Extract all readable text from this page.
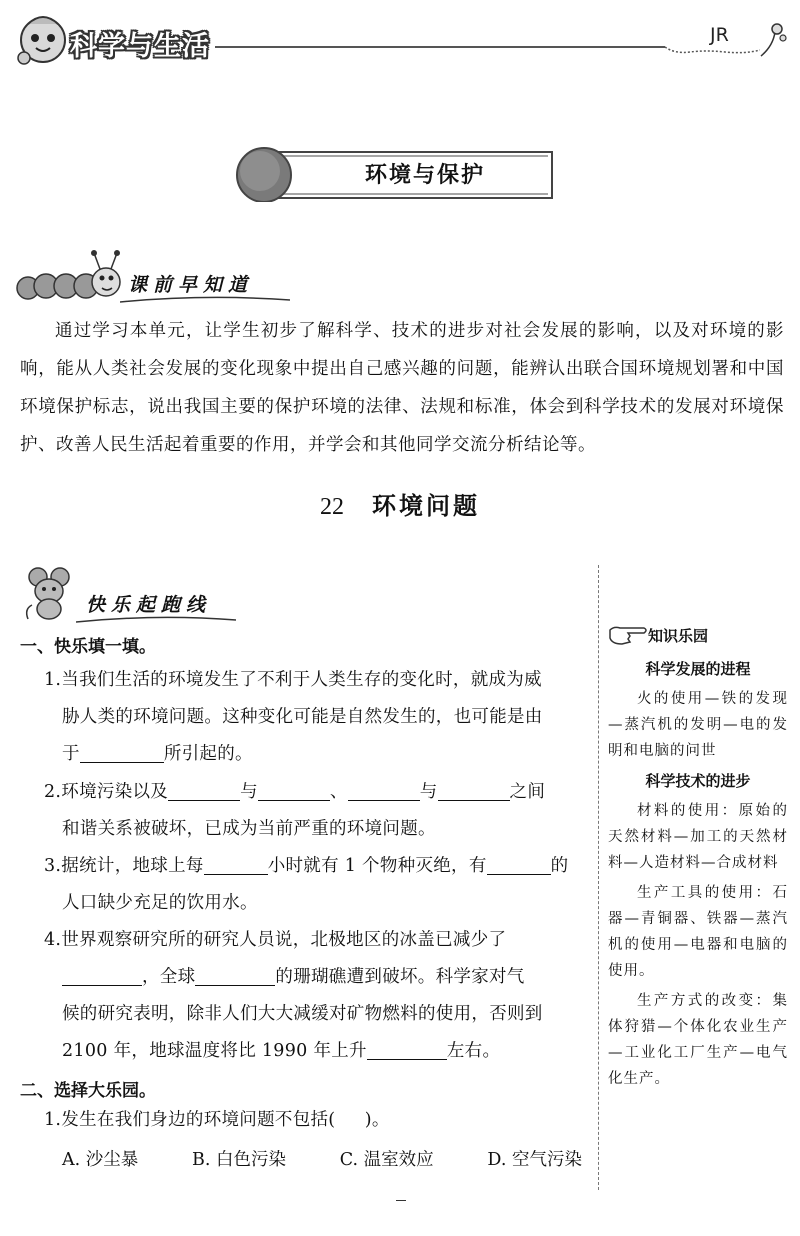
科学与生活	JR
环境与保护
课前早知道

通过学习本单元，让学生初步了解科学、技术的进步对社会发展的影响，以及对环境的影响，能从人类社会发展的变化现象中提出自己感兴趣的问题，能辨认出联合国环境规划署和中国环境保护标志，说出我国主要的保护环境的法律、法规和标准，体会到科学技术的发展对环境保护、改善人民生活起着重要的作用，并学会和其他同学交流分析结论等。

22 环境问题
快乐起跑线
一、快乐填一填。
1.当我们生活的环境发生了不利于人类生存的变化时，就成为威
胁人类的环境问题。这种变化可能是自然发生的，也可能是由
于	所引起的。
2.环境污染以及	与	、	与	之间
和谐关系被破坏，已成为当前严重的环境问题。
3.据统计，地球上每	小时就有 1 个物种灭绝，有	的
人口缺少充足的饮用水。
4.世界观察研究所的研究人员说，北极地区的冰盖已减少了
，全球	的珊瑚礁遭到破坏。科学家对气
候的研究表明，除非人们大大减缓对矿物燃料的使用，否则到
2100 年，地球温度将比 1990 年上升	左右。
二、选择大乐园。
1.发生在我们身边的环境问题不包括(     )。
A. 沙尘暴	B. 白色污染	C. 温室效应	D. 空气污染
知识乐园
科学发展的进程
火的使用—铁的发现—蒸汽机的发明—电的发明和电脑的问世
科学技术的进步
材料的使用：原始的天然材料—加工的天然材料—人造材料—合成材料
生产工具的使用：石器—青铜器、铁器—蒸汽机的使用—电器和电脑的使用。
生产方式的改变：集体狩猎—个体化农业生产—工业化工厂生产—电气化生产。
